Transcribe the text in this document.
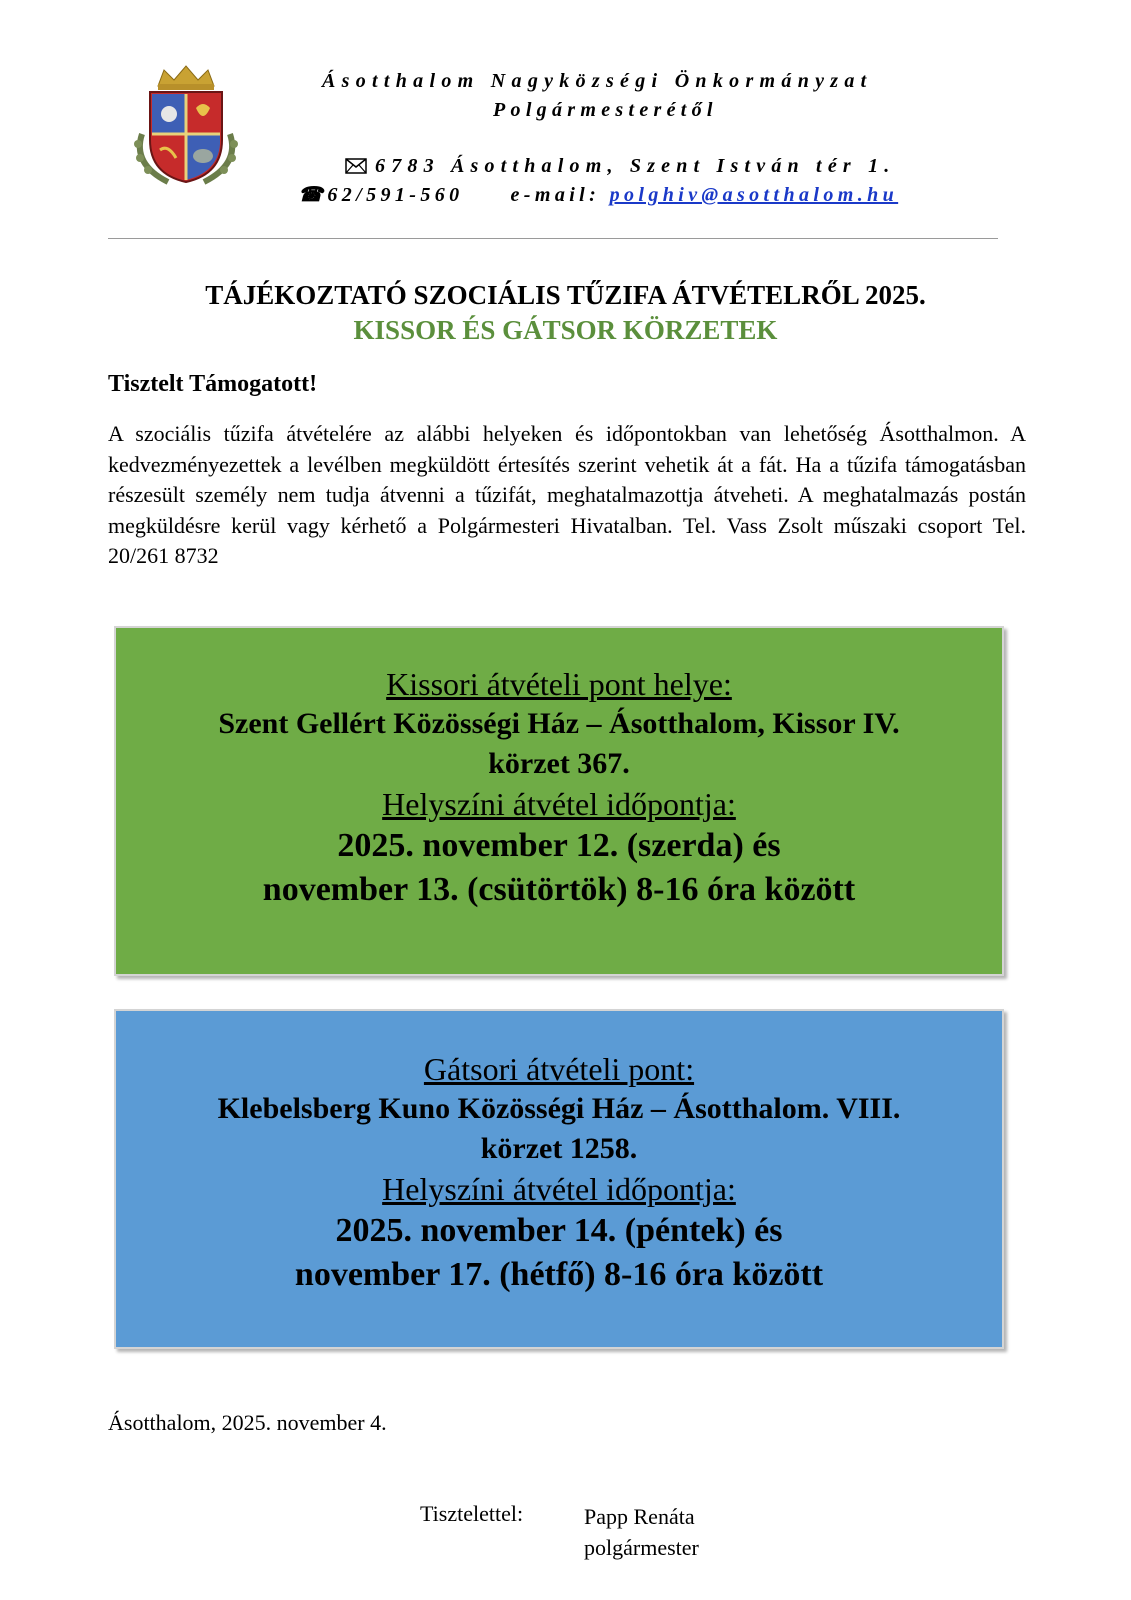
Ásotthalom Nagyközségi Önkormányzat
Polgármesterétől
6783 Ásotthalom, Szent István tér 1.
☎62/591-560 e-mail: polghiv@asotthalom.hu
TÁJÉKOZTATÓ SZOCIÁLIS TŰZIFA ÁTVÉTELRŐL 2025.
KISSOR ÉS GÁTSOR KÖRZETEK
Tisztelt Támogatott!
A szociális tűzifa átvételére az alábbi helyeken és időpontokban van lehetőség Ásotthalmon. A kedvezményezettek a levélben megküldött értesítés szerint vehetik át a fát. Ha a tűzifa támogatásban részesült személy nem tudja átvenni a tűzifát, meghatalmazottja átveheti. A meghatalmazás postán megküldésre kerül vagy kérhető a Polgármesteri Hivatalban. Tel. Vass Zsolt műszaki csoport Tel. 20/261 8732
Kissori átvételi pont helye:
Szent Gellért Közösségi Ház – Ásotthalom, Kissor IV.
körzet 367.
Helyszíni átvétel időpontja:
2025. november 12. (szerda) és
november 13. (csütörtök) 8-16 óra között
Gátsori átvételi pont:
Klebelsberg Kuno Közösségi Ház – Ásotthalom. VIII.
körzet 1258.
Helyszíni átvétel időpontja:
2025. november 14. (péntek) és
november 17. (hétfő) 8-16 óra között
Ásotthalom, 2025. november 4.
Tisztelettel:	Papp Renáta
polgármester
